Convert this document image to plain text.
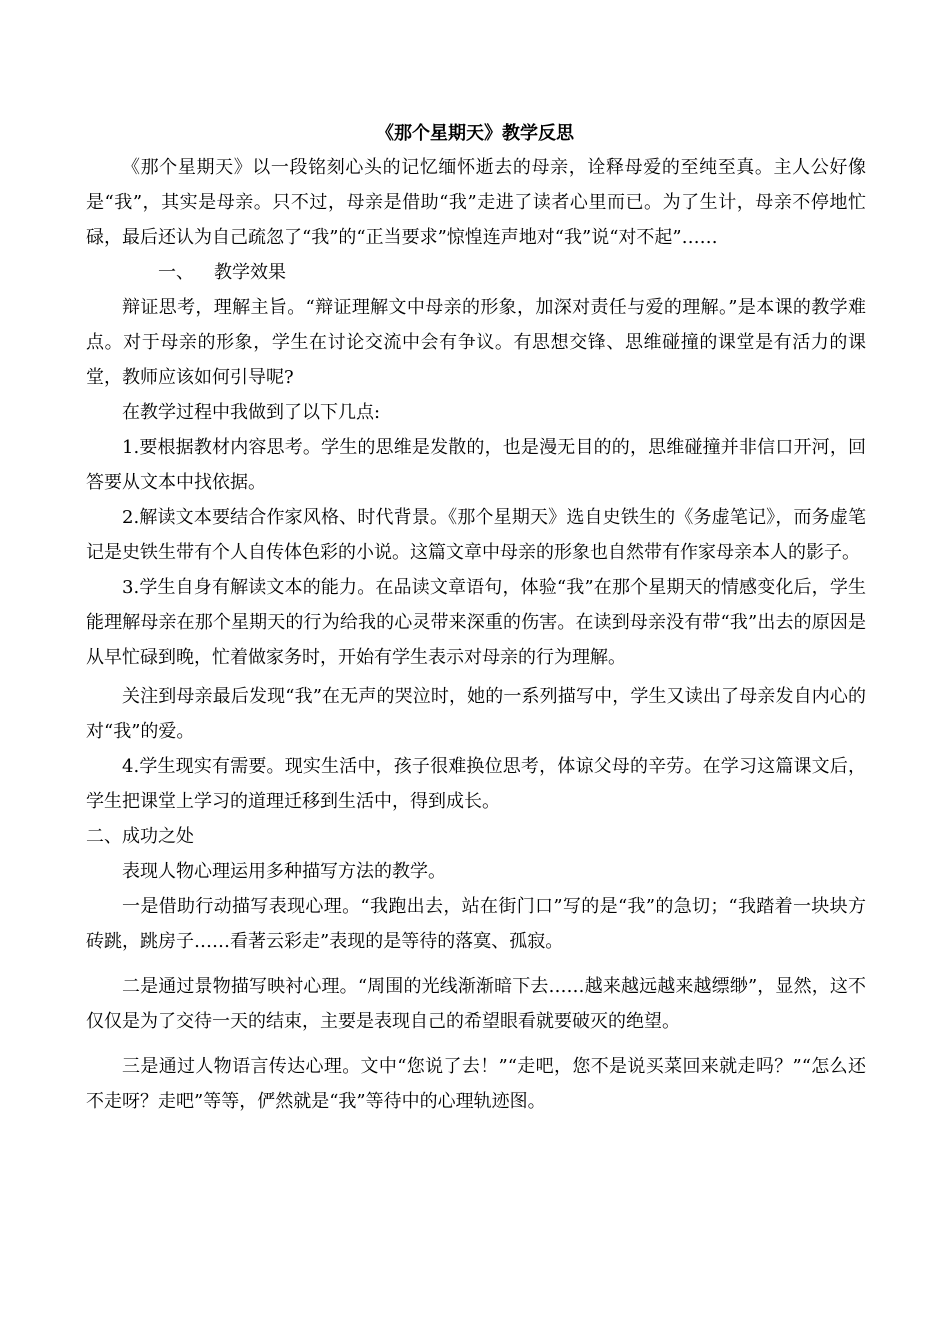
《那个星期天》教学反思

《那个星期天》以一段铭刻心头的记忆缅怀逝去的母亲，诠释母爱的至纯至真。主人公好像是“我”，其实是母亲。只不过，母亲是借助“我”走进了读者心里而已。为了生计，母亲不停地忙碌，最后还认为自己疏忽了“我”的“正当要求”惊惶连声地对“我”说“对不起”……

一、 教学效果

辩证思考，理解主旨。“辩证理解文中母亲的形象，加深对责任与爱的理解。”是本课的教学难点。对于母亲的形象，学生在讨论交流中会有争议。有思想交锋、思维碰撞的课堂是有活力的课堂，教师应该如何引导呢?

在教学过程中我做到了以下几点:

1.要根据教材内容思考。学生的思维是发散的，也是漫无目的的，思维碰撞并非信口开河，回答要从文本中找依据。

2.解读文本要结合作家风格、时代背景。《那个星期天》选自史铁生的《务虚笔记》，而务虚笔记是史铁生带有个人自传体色彩的小说。这篇文章中母亲的形象也自然带有作家母亲本人的影子。

3.学生自身有解读文本的能力。在品读文章语句，体验“我”在那个星期天的情感变化后，学生能理解母亲在那个星期天的行为给我的心灵带来深重的伤害。在读到母亲没有带“我”出去的原因是从早忙碌到晚，忙着做家务时，开始有学生表示对母亲的行为理解。

关注到母亲最后发现“我”在无声的哭泣时，她的一系列描写中，学生又读出了母亲发自内心的对“我”的爱。

4.学生现实有需要。现实生活中，孩子很难换位思考，体谅父母的辛劳。在学习这篇课文后，学生把课堂上学习的道理迁移到生活中，得到成长。

二、成功之处

表现人物心理运用多种描写方法的教学。

一是借助行动描写表现心理。“我跑出去，站在街门口”写的是“我”的急切；“我踏着一块块方砖跳，跳房子……看著云彩走”表现的是等待的落寞、孤寂。

二是通过景物描写映衬心理。“周围的光线渐渐暗下去……越来越远越来越缥缈”，显然，这不仅仅是为了交待一天的结束，主要是表现自己的希望眼看就要破灭的绝望。

三是通过人物语言传达心理。文中“您说了去！”“走吧，您不是说买菜回来就走吗？”“怎么还不走呀？走吧”等等，俨然就是“我”等待中的心理轨迹图。
